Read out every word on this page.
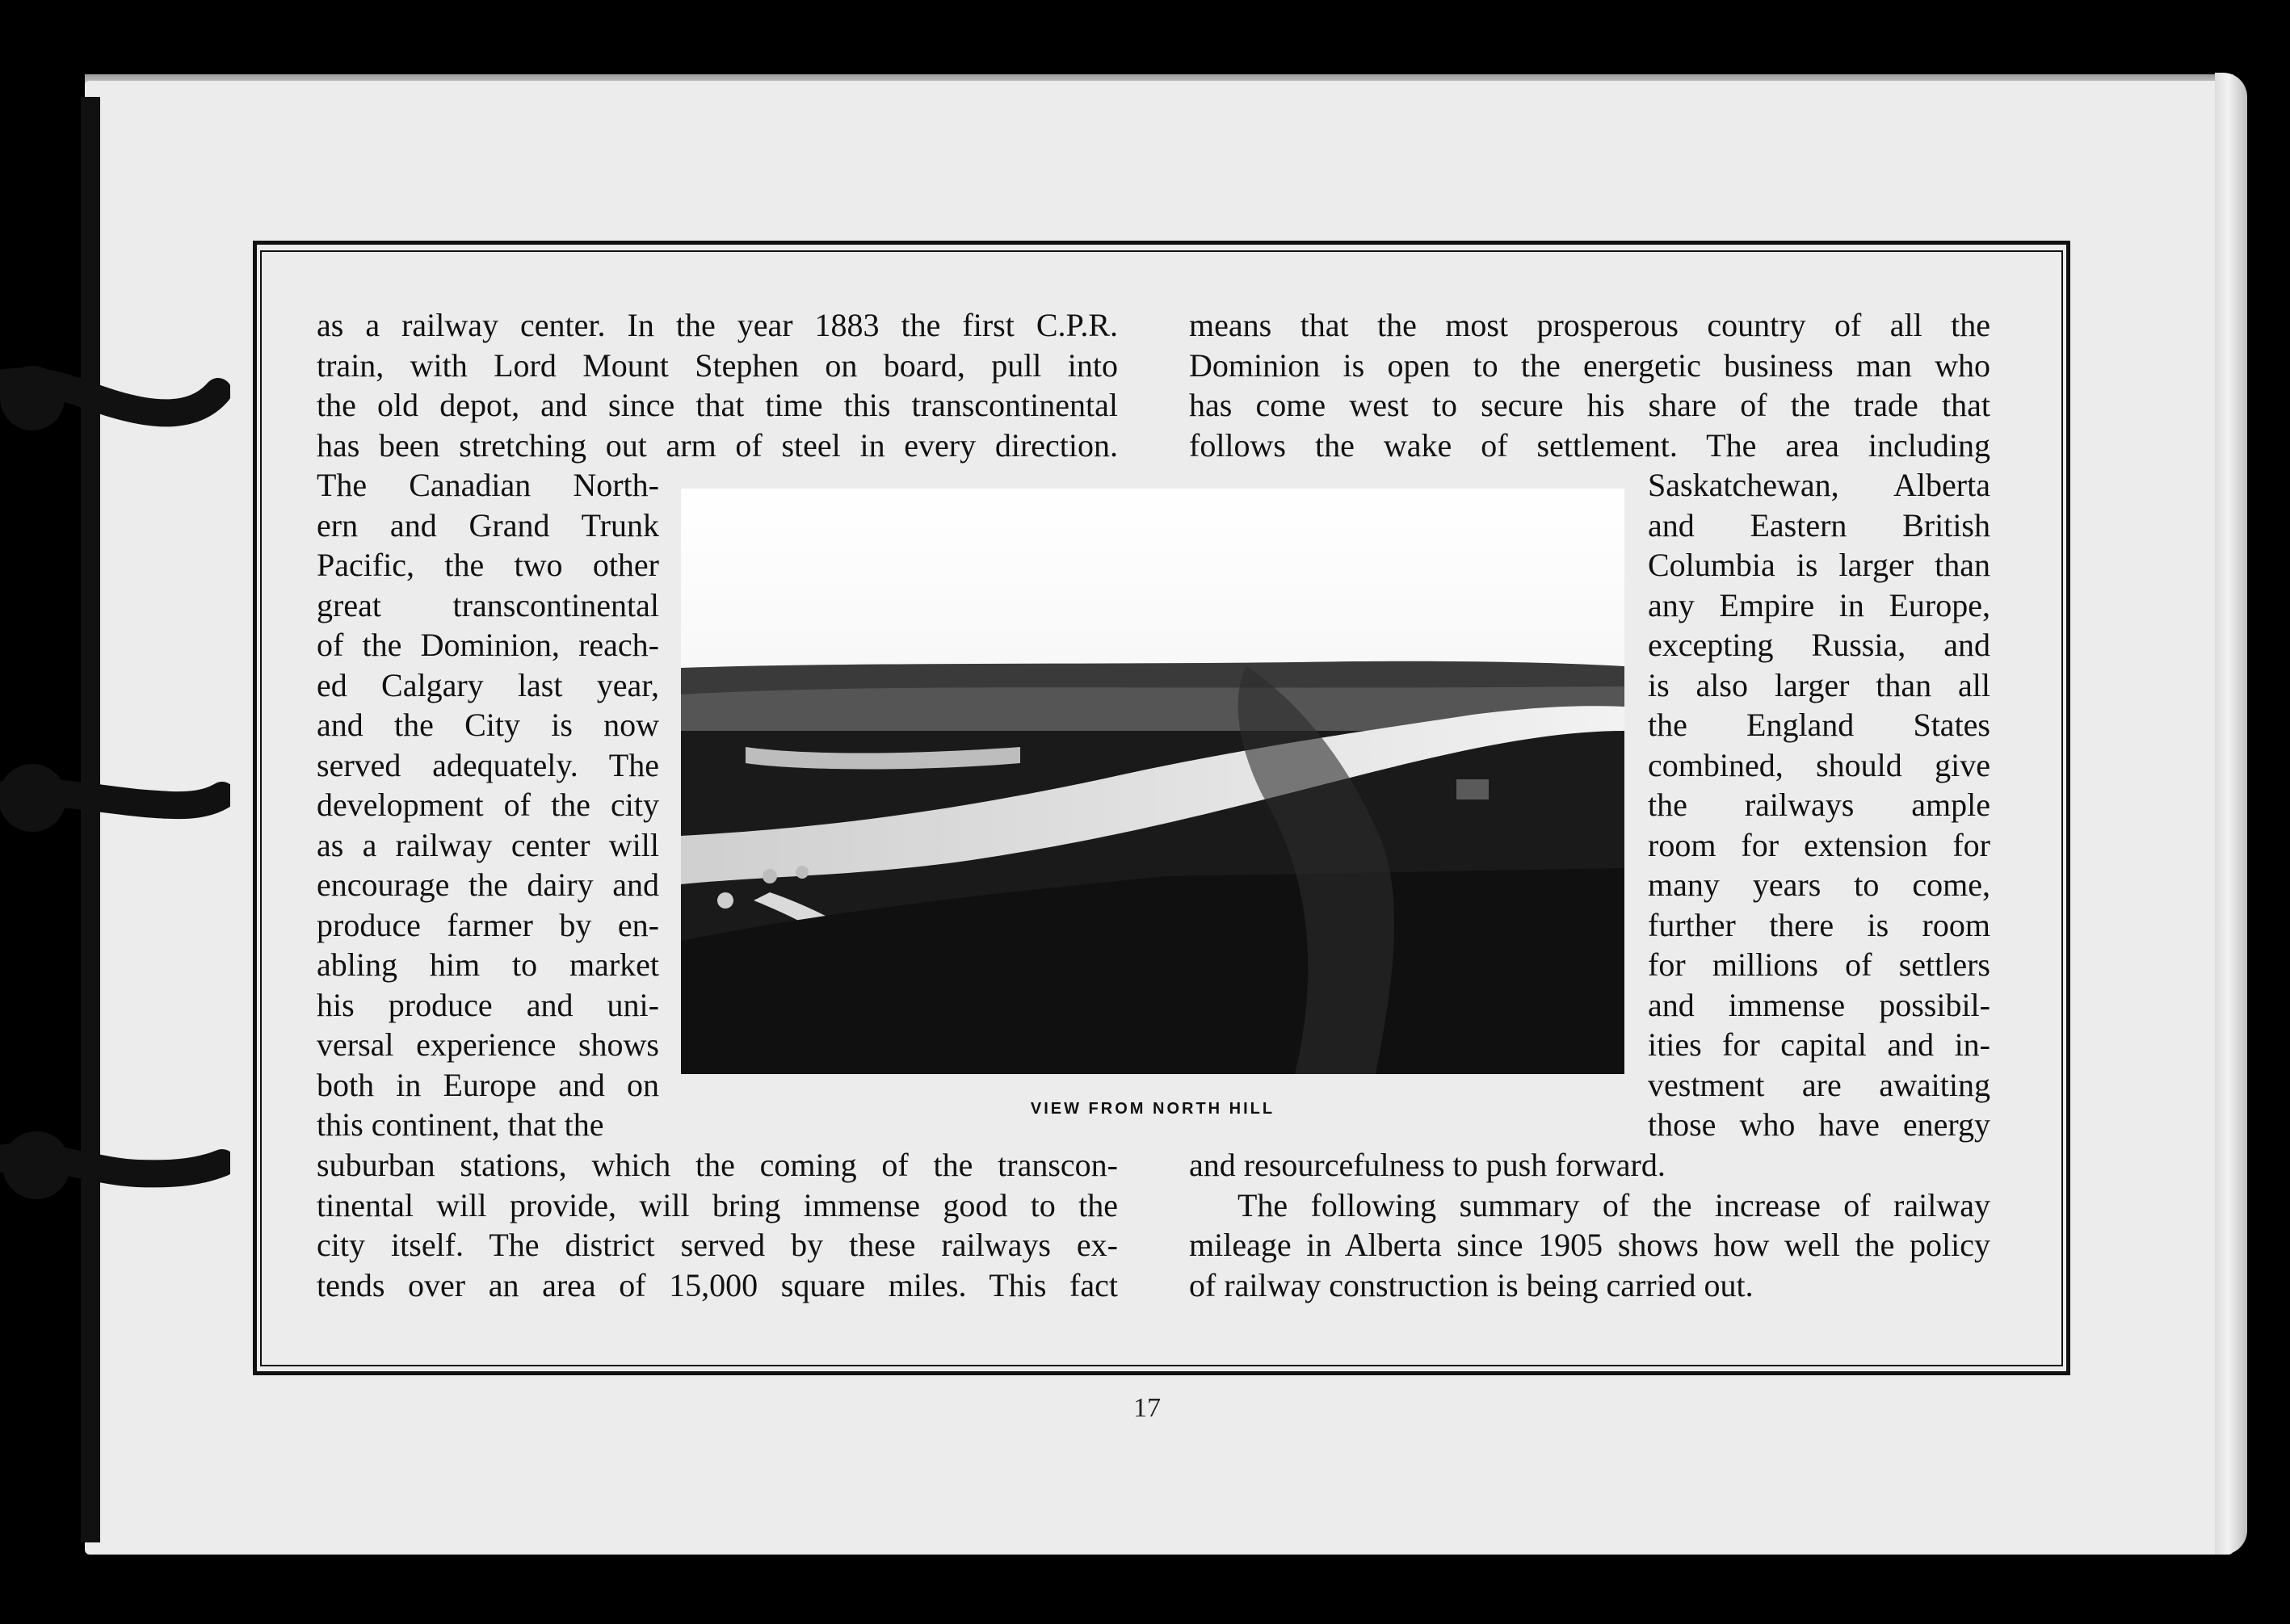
as a railway center. In the year 1883 the first C.P.R.
train, with Lord Mount Stephen on board, pull into
the old depot, and since that time this transcontinental
has been stretching out arm of steel in every direction.
The Canadian North-
ern and Grand Trunk
Pacific, the two other
great transcontinental
of the Dominion, reach-
ed Calgary last year,
and the City is now
served adequately. The
development of the city
as a railway center will
encourage the dairy and
produce farmer by en-
abling him to market
his produce and uni-
versal experience shows
both in Europe and on
this continent, that the
suburban stations, which the coming of the transcon-
tinental will provide, will bring immense good to the
city itself. The district served by these railways ex-
tends over an area of 15,000 square miles. This fact
VIEW FROM NORTH HILL
means that the most prosperous country of all the
Dominion is open to the energetic business man who
has come west to secure his share of the trade that
follows the wake of settlement. The area including
Saskatchewan, Alberta
and Eastern British
Columbia is larger than
any Empire in Europe,
excepting Russia, and
is also larger than all
the England States
combined, should give
the railways ample
room for extension for
many years to come,
further there is room
for millions of settlers
and immense possibil-
ities for capital and in-
vestment are awaiting
those who have energy
and resourcefulness to push forward.
The following summary of the increase of railway
mileage in Alberta since 1905 shows how well the policy
of railway construction is being carried out.
17
